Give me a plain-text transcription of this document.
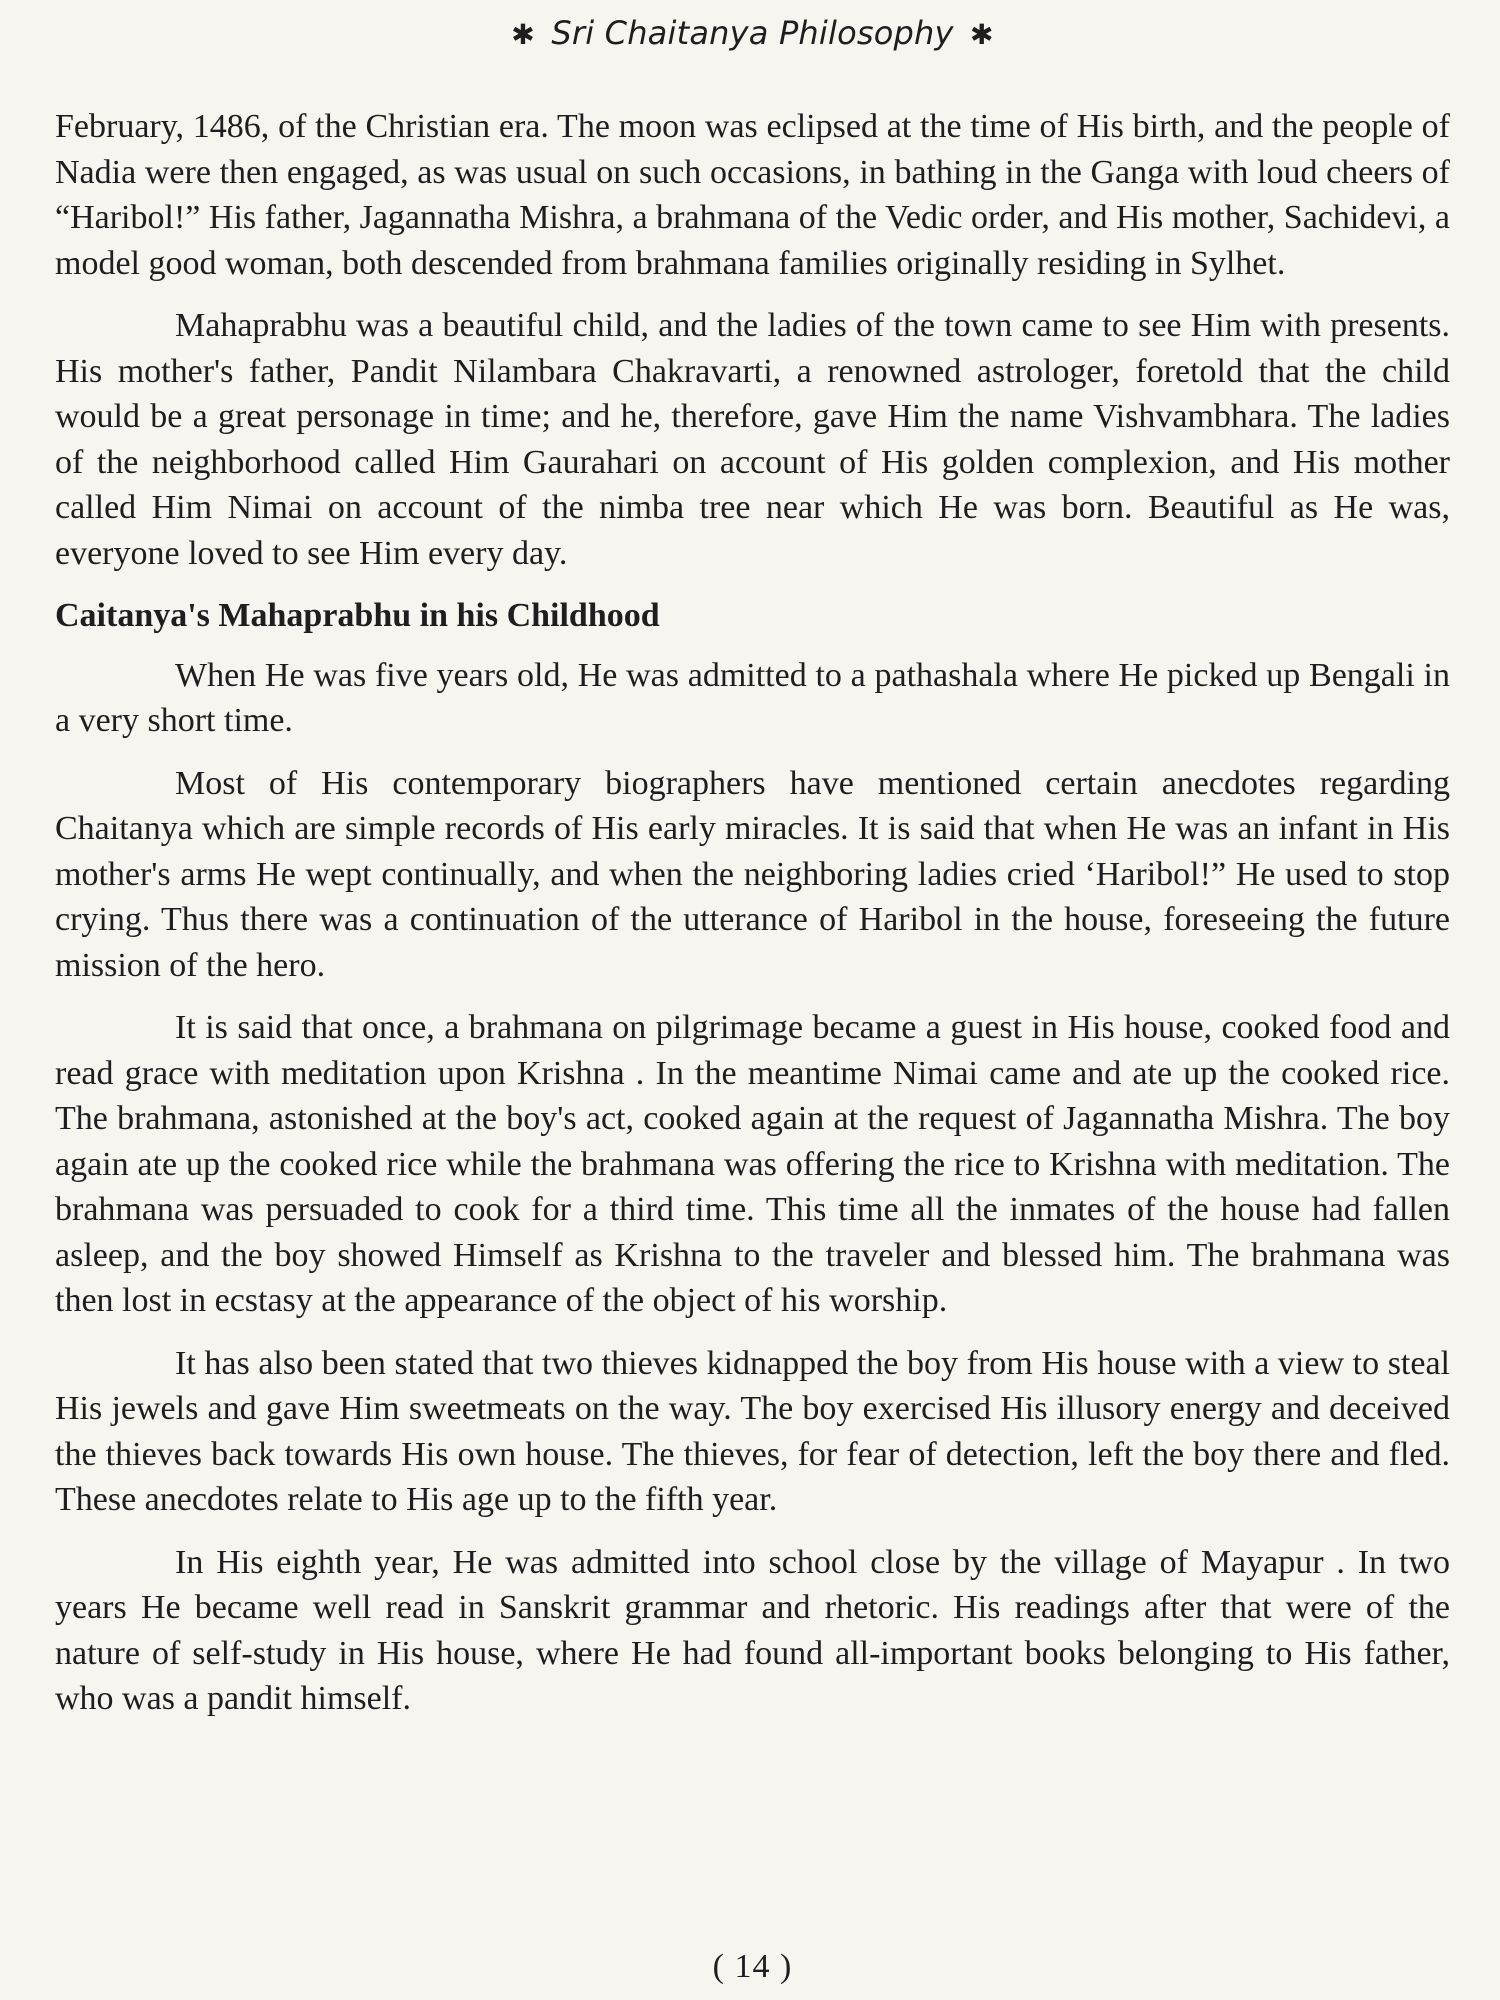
✱ Sri Chaitanya Philosophy ✱

February, 1486, of the Christian era. The moon was eclipsed at the time of His birth, and the people of Nadia were then engaged, as was usual on such occasions, in bathing in the Ganga with loud cheers of “Haribol!” His father, Jagannatha Mishra, a brahmana of the Vedic order, and His mother, Sachidevi, a model good woman, both descended from brahmana families originally residing in Sylhet.

Mahaprabhu was a beautiful child, and the ladies of the town came to see Him with presents. His mother's father, Pandit Nilambara Chakravarti, a renowned astrologer, foretold that the child would be a great personage in time; and he, therefore, gave Him the name Vishvambhara. The ladies of the neighborhood called Him Gaurahari on account of His golden complexion, and His mother called Him Nimai on account of the nimba tree near which He was born. Beautiful as He was, everyone loved to see Him every day.

Caitanya's Mahaprabhu in his Childhood

When He was five years old, He was admitted to a pathashala where He picked up Bengali in a very short time.

Most of His contemporary biographers have mentioned certain anecdotes regarding Chaitanya which are simple records of His early miracles. It is said that when He was an infant in His mother's arms He wept continually, and when the neighboring ladies cried ‘Haribol!” He used to stop crying. Thus there was a continuation of the utterance of Haribol in the house, foreseeing the future mission of the hero.

It is said that once, a brahmana on pilgrimage became a guest in His house, cooked food and read grace with meditation upon Krishna . In the meantime Nimai came and ate up the cooked rice. The brahmana, astonished at the boy's act, cooked again at the request of Jagannatha Mishra. The boy again ate up the cooked rice while the brahmana was offering the rice to Krishna with meditation. The brahmana was persuaded to cook for a third time. This time all the inmates of the house had fallen asleep, and the boy showed Himself as Krishna to the traveler and blessed him. The brahmana was then lost in ecstasy at the appearance of the object of his worship.

It has also been stated that two thieves kidnapped the boy from His house with a view to steal His jewels and gave Him sweetmeats on the way. The boy exercised His illusory energy and deceived the thieves back towards His own house. The thieves, for fear of detection, left the boy there and fled. These anecdotes relate to His age up to the fifth year.

In His eighth year, He was admitted into school close by the village of Mayapur . In two years He became well read in Sanskrit grammar and rhetoric. His readings after that were of the nature of self-study in His house, where He had found all-important books belonging to His father, who was a pandit himself.

( 14 )
